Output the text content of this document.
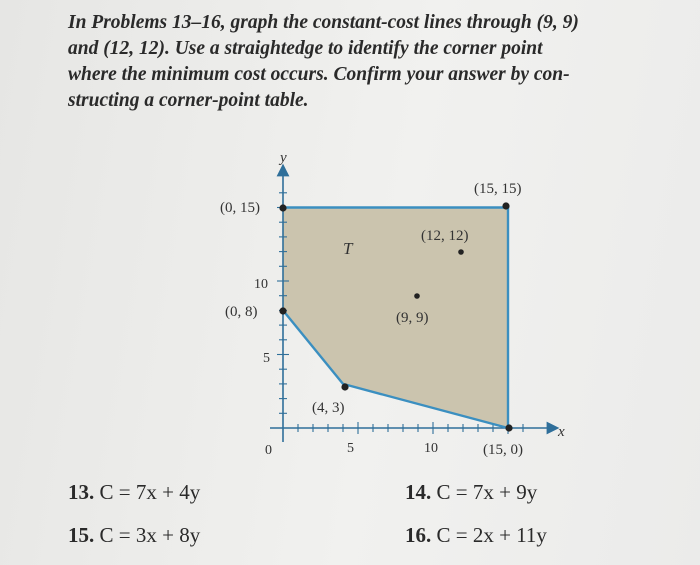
In Problems 13–16, graph the constant-cost lines through (9, 9)
and (12, 12). Use a straightedge to identify the corner point
where the minimum cost occurs. Confirm your answer by con-
structing a corner-point table.
y
x
0
10
5
5	10
T
(0, 15)
(15, 15)
(0, 8)
(4, 3)
(15, 0)
(12, 12)
(9, 9)
13. C = 7x + 4y	14. C = 7x + 9y
15. C = 3x + 8y	16. C = 2x + 11y
